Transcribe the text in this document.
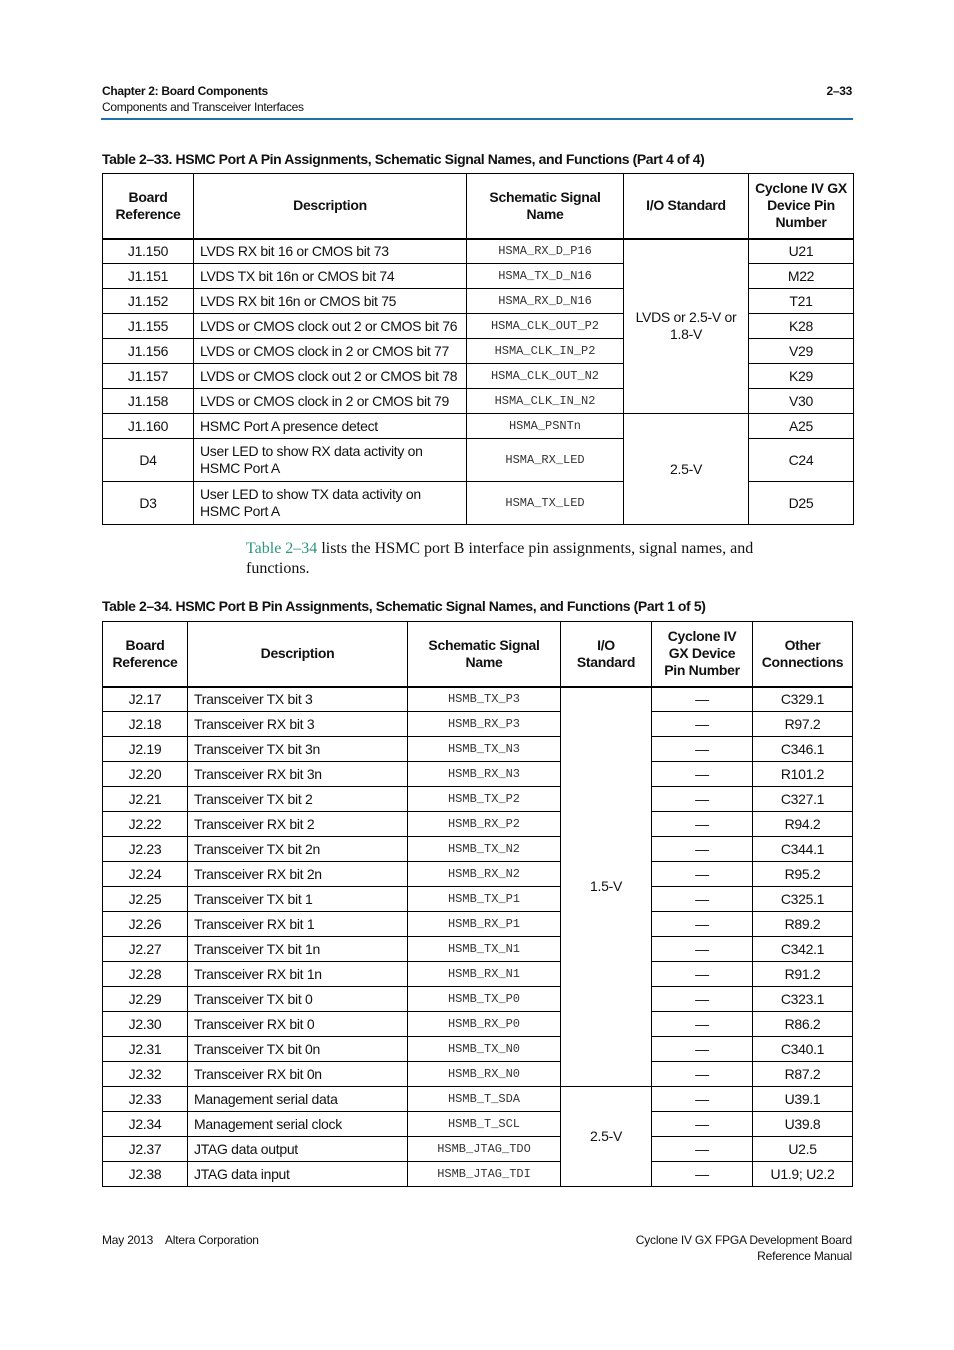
Chapter 2: Board Components
Components and Transceiver Interfaces
2–33
Table 2–33. HSMC Port A Pin Assignments, Schematic Signal Names, and Functions (Part 4 of 4)
Board Reference	Description	Schematic Signal Name	I/O Standard	Cyclone IV GX Device Pin Number
J1.150	LVDS RX bit 16 or CMOS bit 73	HSMA_RX_D_P16	LVDS or 2.5-V or 1.8-V	U21
J1.151	LVDS TX bit 16n or CMOS bit 74	HSMA_TX_D_N16		M22
J1.152	LVDS RX bit 16n or CMOS bit 75	HSMA_RX_D_N16		T21
J1.155	LVDS or CMOS clock out 2 or CMOS bit 76	HSMA_CLK_OUT_P2		K28
J1.156	LVDS or CMOS clock in 2 or CMOS bit 77	HSMA_CLK_IN_P2		V29
J1.157	LVDS or CMOS clock out 2 or CMOS bit 78	HSMA_CLK_OUT_N2		K29
J1.158	LVDS or CMOS clock in 2 or CMOS bit 79	HSMA_CLK_IN_N2		V30
J1.160	HSMC Port A presence detect	HSMA_PSNTn	2.5-V	A25
D4	User LED to show RX data activity on HSMC Port A	HSMA_RX_LED		C24
D3	User LED to show TX data activity on HSMC Port A	HSMA_TX_LED		D25
Table 2–34 lists the HSMC port B interface pin assignments, signal names, and functions.
Table 2–34. HSMC Port B Pin Assignments, Schematic Signal Names, and Functions (Part 1 of 5)
Board Reference	Description	Schematic Signal Name	I/O Standard	Cyclone IV GX Device Pin Number	Other Connections
J2.17	Transceiver TX bit 3	HSMB_TX_P3	1.5-V	—	C329.1
J2.18	Transceiver RX bit 3	HSMB_RX_P3		—	R97.2
J2.19	Transceiver TX bit 3n	HSMB_TX_N3		—	C346.1
J2.20	Transceiver RX bit 3n	HSMB_RX_N3		—	R101.2
J2.21	Transceiver TX bit 2	HSMB_TX_P2		—	C327.1
J2.22	Transceiver RX bit 2	HSMB_RX_P2		—	R94.2
J2.23	Transceiver TX bit 2n	HSMB_TX_N2		—	C344.1
J2.24	Transceiver RX bit 2n	HSMB_RX_N2		—	R95.2
J2.25	Transceiver TX bit 1	HSMB_TX_P1		—	C325.1
J2.26	Transceiver RX bit 1	HSMB_RX_P1		—	R89.2
J2.27	Transceiver TX bit 1n	HSMB_TX_N1		—	C342.1
J2.28	Transceiver RX bit 1n	HSMB_RX_N1		—	R91.2
J2.29	Transceiver TX bit 0	HSMB_TX_P0		—	C323.1
J2.30	Transceiver RX bit 0	HSMB_RX_P0		—	R86.2
J2.31	Transceiver TX bit 0n	HSMB_TX_N0		—	C340.1
J2.32	Transceiver RX bit 0n	HSMB_RX_N0		—	R87.2
J2.33	Management serial data	HSMB_T_SDA	2.5-V	—	U39.1
J2.34	Management serial clock	HSMB_T_SCL		—	U39.8
J2.37	JTAG data output	HSMB_JTAG_TDO		—	U2.5
J2.38	JTAG data input	HSMB_JTAG_TDI		—	U1.9; U2.2
May 2013 Altera Corporation	Cyclone IV GX FPGA Development Board
Reference Manual
